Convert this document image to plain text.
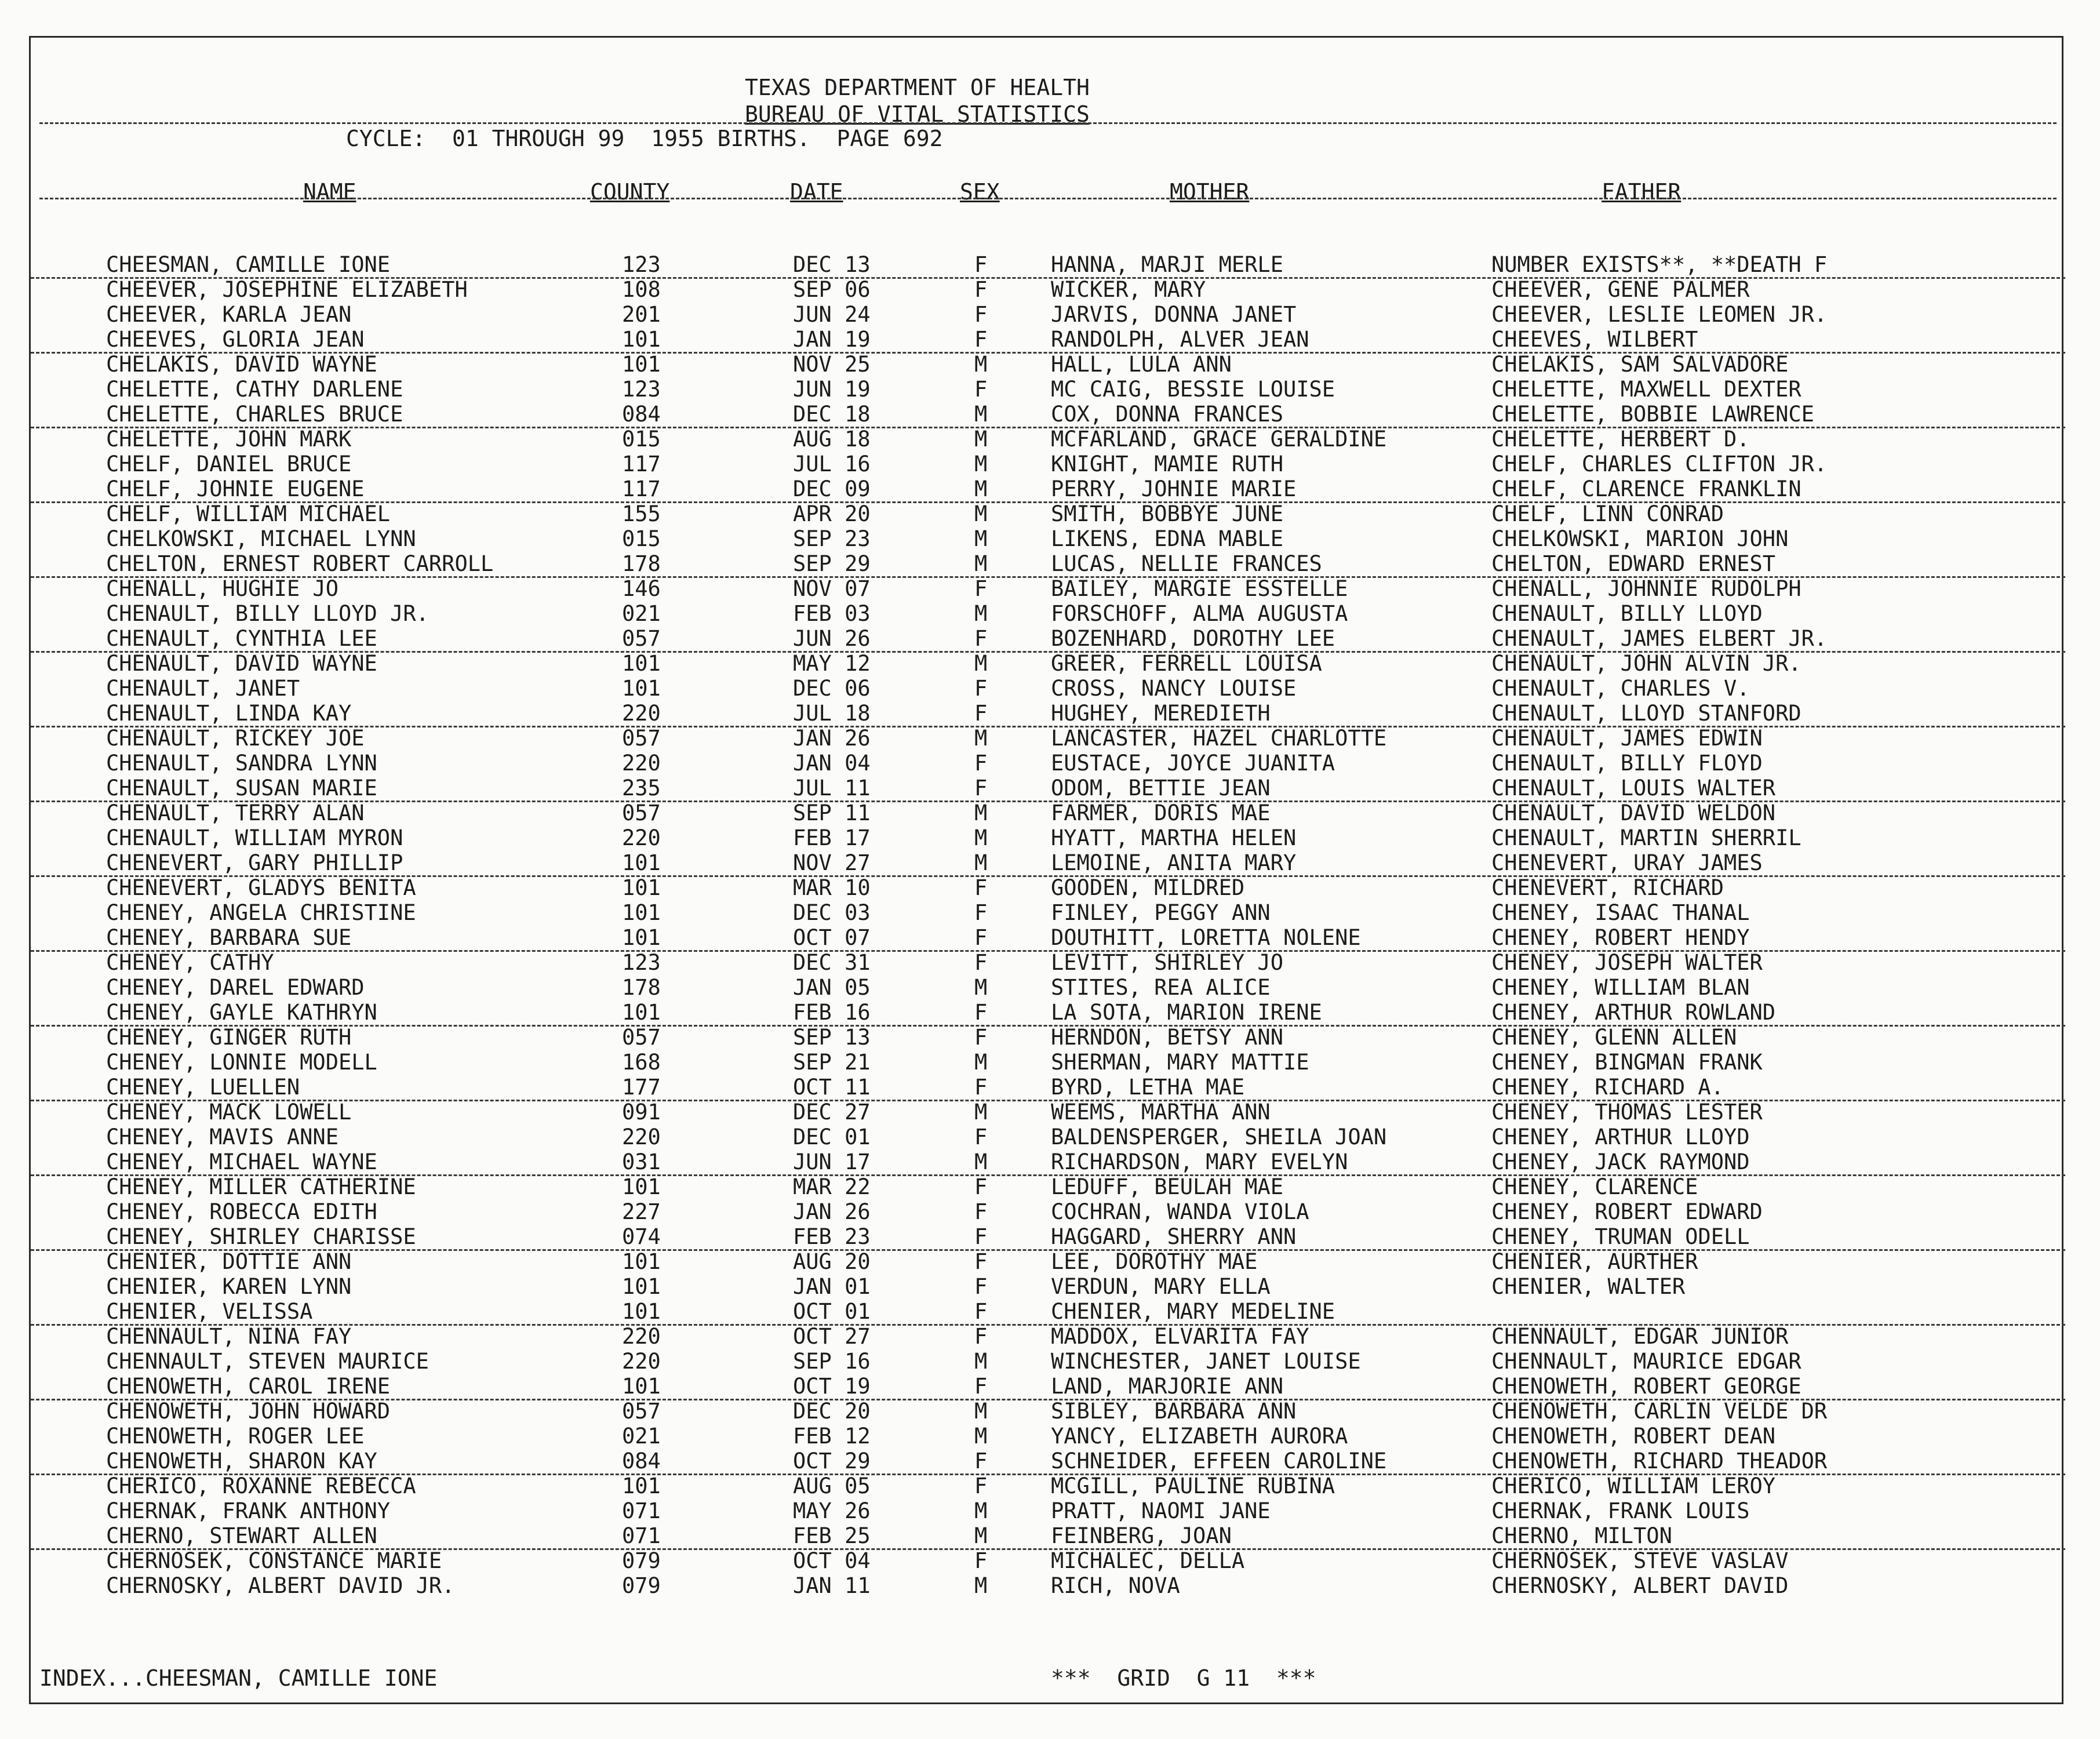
TEXAS DEPARTMENT OF HEALTH
BUREAU OF VITAL STATISTICS
CYCLE:  01 THROUGH 99  1955 BIRTHS.  PAGE 692
NAME	COUNTY	DATE	SEX	MOTHER	FATHER
CHEESMAN, CAMILLE IONE	123	DEC 13	F	HANNA, MARJI MERLE	NUMBER EXISTS**, **DEATH F
CHEEVER, JOSEPHINE ELIZABETH	108	SEP 06	F	WICKER, MARY	CHEEVER, GENE PALMER
CHEEVER, KARLA JEAN	201	JUN 24	F	JARVIS, DONNA JANET	CHEEVER, LESLIE LEOMEN JR.
CHEEVES, GLORIA JEAN	101	JAN 19	F	RANDOLPH, ALVER JEAN	CHEEVES, WILBERT
CHELAKIS, DAVID WAYNE	101	NOV 25	M	HALL, LULA ANN	CHELAKIS, SAM SALVADORE
CHELETTE, CATHY DARLENE	123	JUN 19	F	MC CAIG, BESSIE LOUISE	CHELETTE, MAXWELL DEXTER
CHELETTE, CHARLES BRUCE	084	DEC 18	M	COX, DONNA FRANCES	CHELETTE, BOBBIE LAWRENCE
CHELETTE, JOHN MARK	015	AUG 18	M	MCFARLAND, GRACE GERALDINE	CHELETTE, HERBERT D.
CHELF, DANIEL BRUCE	117	JUL 16	M	KNIGHT, MAMIE RUTH	CHELF, CHARLES CLIFTON JR.
CHELF, JOHNIE EUGENE	117	DEC 09	M	PERRY, JOHNIE MARIE	CHELF, CLARENCE FRANKLIN
CHELF, WILLIAM MICHAEL	155	APR 20	M	SMITH, BOBBYE JUNE	CHELF, LINN CONRAD
CHELKOWSKI, MICHAEL LYNN	015	SEP 23	M	LIKENS, EDNA MABLE	CHELKOWSKI, MARION JOHN
CHELTON, ERNEST ROBERT CARROLL	178	SEP 29	M	LUCAS, NELLIE FRANCES	CHELTON, EDWARD ERNEST
CHENALL, HUGHIE JO	146	NOV 07	F	BAILEY, MARGIE ESSTELLE	CHENALL, JOHNNIE RUDOLPH
CHENAULT, BILLY LLOYD JR.	021	FEB 03	M	FORSCHOFF, ALMA AUGUSTA	CHENAULT, BILLY LLOYD
CHENAULT, CYNTHIA LEE	057	JUN 26	F	BOZENHARD, DOROTHY LEE	CHENAULT, JAMES ELBERT JR.
CHENAULT, DAVID WAYNE	101	MAY 12	M	GREER, FERRELL LOUISA	CHENAULT, JOHN ALVIN JR.
CHENAULT, JANET	101	DEC 06	F	CROSS, NANCY LOUISE	CHENAULT, CHARLES V.
CHENAULT, LINDA KAY	220	JUL 18	F	HUGHEY, MEREDIETH	CHENAULT, LLOYD STANFORD
CHENAULT, RICKEY JOE	057	JAN 26	M	LANCASTER, HAZEL CHARLOTTE	CHENAULT, JAMES EDWIN
CHENAULT, SANDRA LYNN	220	JAN 04	F	EUSTACE, JOYCE JUANITA	CHENAULT, BILLY FLOYD
CHENAULT, SUSAN MARIE	235	JUL 11	F	ODOM, BETTIE JEAN	CHENAULT, LOUIS WALTER
CHENAULT, TERRY ALAN	057	SEP 11	M	FARMER, DORIS MAE	CHENAULT, DAVID WELDON
CHENAULT, WILLIAM MYRON	220	FEB 17	M	HYATT, MARTHA HELEN	CHENAULT, MARTIN SHERRIL
CHENEVERT, GARY PHILLIP	101	NOV 27	M	LEMOINE, ANITA MARY	CHENEVERT, URAY JAMES
CHENEVERT, GLADYS BENITA	101	MAR 10	F	GOODEN, MILDRED	CHENEVERT, RICHARD
CHENEY, ANGELA CHRISTINE	101	DEC 03	F	FINLEY, PEGGY ANN	CHENEY, ISAAC THANAL
CHENEY, BARBARA SUE	101	OCT 07	F	DOUTHITT, LORETTA NOLENE	CHENEY, ROBERT HENDY
CHENEY, CATHY	123	DEC 31	F	LEVITT, SHIRLEY JO	CHENEY, JOSEPH WALTER
CHENEY, DAREL EDWARD	178	JAN 05	M	STITES, REA ALICE	CHENEY, WILLIAM BLAN
CHENEY, GAYLE KATHRYN	101	FEB 16	F	LA SOTA, MARION IRENE	CHENEY, ARTHUR ROWLAND
CHENEY, GINGER RUTH	057	SEP 13	F	HERNDON, BETSY ANN	CHENEY, GLENN ALLEN
CHENEY, LONNIE MODELL	168	SEP 21	M	SHERMAN, MARY MATTIE	CHENEY, BINGMAN FRANK
CHENEY, LUELLEN	177	OCT 11	F	BYRD, LETHA MAE	CHENEY, RICHARD A.
CHENEY, MACK LOWELL	091	DEC 27	M	WEEMS, MARTHA ANN	CHENEY, THOMAS LESTER
CHENEY, MAVIS ANNE	220	DEC 01	F	BALDENSPERGER, SHEILA JOAN	CHENEY, ARTHUR LLOYD
CHENEY, MICHAEL WAYNE	031	JUN 17	M	RICHARDSON, MARY EVELYN	CHENEY, JACK RAYMOND
CHENEY, MILLER CATHERINE	101	MAR 22	F	LEDUFF, BEULAH MAE	CHENEY, CLARENCE
CHENEY, ROBECCA EDITH	227	JAN 26	F	COCHRAN, WANDA VIOLA	CHENEY, ROBERT EDWARD
CHENEY, SHIRLEY CHARISSE	074	FEB 23	F	HAGGARD, SHERRY ANN	CHENEY, TRUMAN ODELL
CHENIER, DOTTIE ANN	101	AUG 20	F	LEE, DOROTHY MAE	CHENIER, AURTHER
CHENIER, KAREN LYNN	101	JAN 01	F	VERDUN, MARY ELLA	CHENIER, WALTER
CHENIER, VELISSA	101	OCT 01	F	CHENIER, MARY MEDELINE
CHENNAULT, NINA FAY	220	OCT 27	F	MADDOX, ELVARITA FAY	CHENNAULT, EDGAR JUNIOR
CHENNAULT, STEVEN MAURICE	220	SEP 16	M	WINCHESTER, JANET LOUISE	CHENNAULT, MAURICE EDGAR
CHENOWETH, CAROL IRENE	101	OCT 19	F	LAND, MARJORIE ANN	CHENOWETH, ROBERT GEORGE
CHENOWETH, JOHN HOWARD	057	DEC 20	M	SIBLEY, BARBARA ANN	CHENOWETH, CARLIN VELDE DR
CHENOWETH, ROGER LEE	021	FEB 12	M	YANCY, ELIZABETH AURORA	CHENOWETH, ROBERT DEAN
CHENOWETH, SHARON KAY	084	OCT 29	F	SCHNEIDER, EFFEEN CAROLINE	CHENOWETH, RICHARD THEADOR
CHERICO, ROXANNE REBECCA	101	AUG 05	F	MCGILL, PAULINE RUBINA	CHERICO, WILLIAM LEROY
CHERNAK, FRANK ANTHONY	071	MAY 26	M	PRATT, NAOMI JANE	CHERNAK, FRANK LOUIS
CHERNO, STEWART ALLEN	071	FEB 25	M	FEINBERG, JOAN	CHERNO, MILTON
CHERNOSEK, CONSTANCE MARIE	079	OCT 04	F	MICHALEC, DELLA	CHERNOSEK, STEVE VASLAV
CHERNOSKY, ALBERT DAVID JR.	079	JAN 11	M	RICH, NOVA	CHERNOSKY, ALBERT DAVID
INDEX...CHEESMAN, CAMILLE IONE	***  GRID  G 11  ***
